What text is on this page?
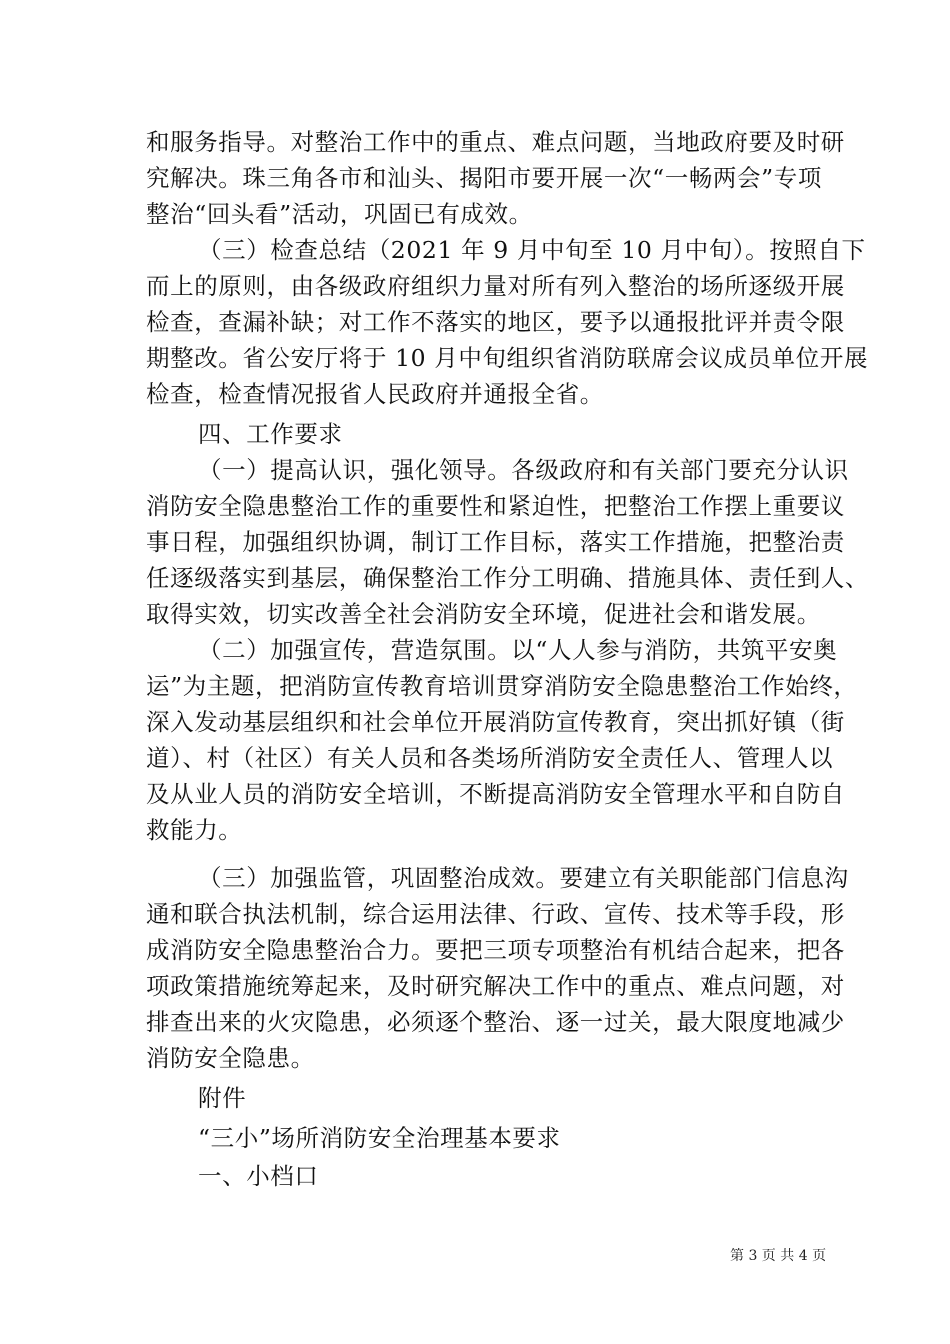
和服务指导。对整治工作中的重点、难点问题，当地政府要及时研
究解决。珠三角各市和汕头、揭阳市要开展一次“一畅两会”专项
整治“回头看”活动，巩固已有成效。
（三）检查总结（2021 年 9 月中旬至 10 月中旬）。按照自下
而上的原则，由各级政府组织力量对所有列入整治的场所逐级开展
检查，查漏补缺；对工作不落实的地区，要予以通报批评并责令限
期整改。省公安厅将于 10 月中旬组织省消防联席会议成员单位开展
检查，检查情况报省人民政府并通报全省。
四、工作要求
（一）提高认识，强化领导。各级政府和有关部门要充分认识
消防安全隐患整治工作的重要性和紧迫性，把整治工作摆上重要议
事日程，加强组织协调，制订工作目标，落实工作措施，把整治责
任逐级落实到基层，确保整治工作分工明确、措施具体、责任到人、
取得实效，切实改善全社会消防安全环境，促进社会和谐发展。
（二）加强宣传，营造氛围。以“人人参与消防，共筑平安奥
运”为主题，把消防宣传教育培训贯穿消防安全隐患整治工作始终，
深入发动基层组织和社会单位开展消防宣传教育，突出抓好镇（街
道）、村（社区）有关人员和各类场所消防安全责任人、管理人以
及从业人员的消防安全培训，不断提高消防安全管理水平和自防自
救能力。
（三）加强监管，巩固整治成效。要建立有关职能部门信息沟
通和联合执法机制，综合运用法律、行政、宣传、技术等手段，形
成消防安全隐患整治合力。要把三项专项整治有机结合起来，把各
项政策措施统筹起来，及时研究解决工作中的重点、难点问题，对
排查出来的火灾隐患，必须逐个整治、逐一过关，最大限度地减少
消防安全隐患。
附件
“三小”场所消防安全治理基本要求
一、小档口
第 3 页 共 4 页
